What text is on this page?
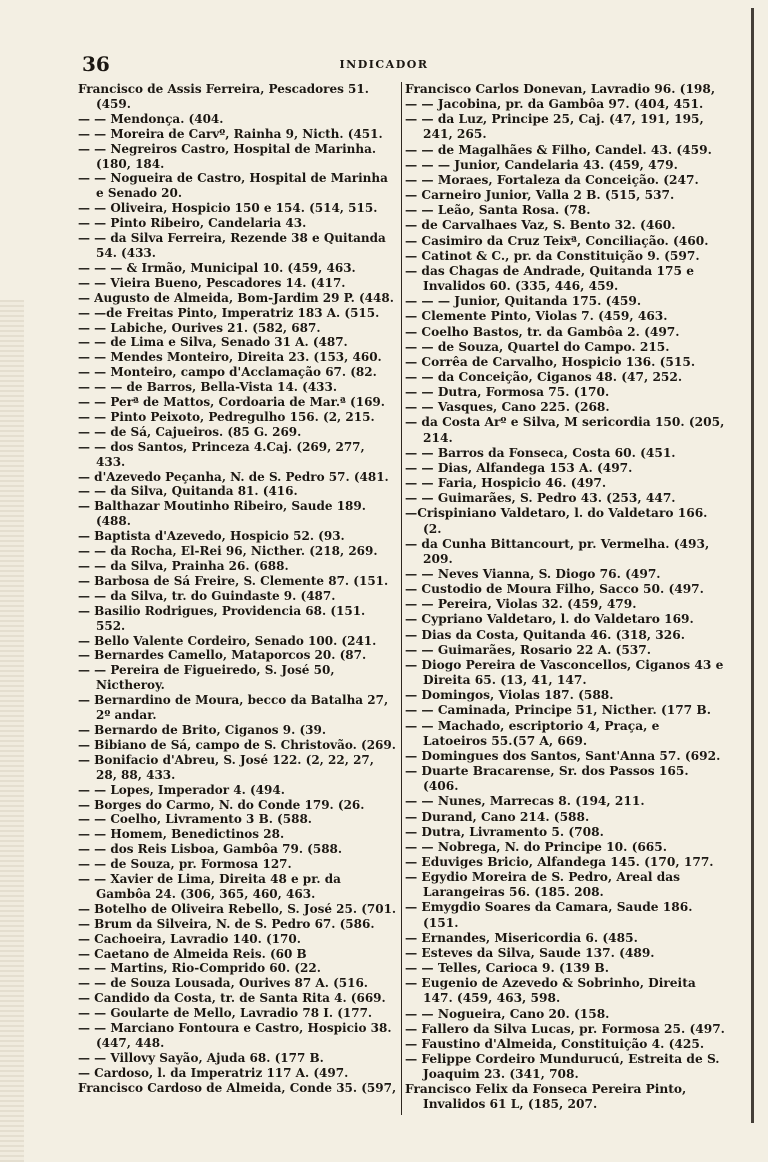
36	INDICADOR

Francisco de Assis Ferreira, Pescadores 51. (459.

— — Mendonça. (404.

— — Moreira de Carvº, Rainha 9, Nicth. (451.

— — Negreiros Castro, Hospital de Marinha. (180, 184.

— — Nogueira de Castro, Hospital de Marinha e Senado 20.

— — Oliveira, Hospicio 150 e 154. (514, 515.

— — Pinto Ribeiro, Candelaria 43.

— — da Silva Ferreira, Rezende 38 e Quitanda 54. (433.

— — — & Irmão, Municipal 10. (459, 463.

— — Vieira Bueno, Pescadores 14. (417.

— Augusto de Almeida, Bom-Jardim 29 P. (448.

— —de Freitas Pinto, Imperatriz 183 A. (515.

— — Labiche, Ourives 21. (582, 687.

— — de Lima e Silva, Senado 31 A. (487.

— — Mendes Monteiro, Direita 23. (153, 460.

— — Monteiro, campo d'Acclamação 67. (82.

— — — de Barros, Bella-Vista 14. (433.

— — Perª de Mattos, Cordoaria de Mar.ª (169.

— — Pinto Peixoto, Pedregulho 156. (2, 215.

— — de Sá, Cajueiros. (85 G. 269.

— — dos Santos, Princeza 4.Caj. (269, 277, 433.

— d'Azevedo Peçanha, N. de S. Pedro 57. (481.

— — da Silva, Quitanda 81. (416.

— Balthazar Moutinho Ribeiro, Saude 189. (488.

— Baptista d'Azevedo, Hospicio 52. (93.

— — da Rocha, El-Rei 96, Nicther. (218, 269.

— — da Silva, Prainha 26. (688.

— Barbosa de Sá Freire, S. Clemente 87. (151.

— — da Silva, tr. do Guindaste 9. (487.

— Basilio Rodrigues, Providencia 68. (151. 552.

— Bello Valente Cordeiro, Senado 100. (241.

— Bernardes Camello, Mataporcos 20. (87.

— — Pereira de Figueiredo, S. José 50, Nictheroy.

— Bernardino de Moura, becco da Batalha 27, 2º andar.

— Bernardo de Brito, Ciganos 9. (39.

— Bibiano de Sá, campo de S. Christovão. (269.

— Bonifacio d'Abreu, S. José 122. (2, 22, 27, 28, 88, 433.

— — Lopes, Imperador 4. (494.

— Borges do Carmo, N. do Conde 179. (26.

— — Coelho, Livramento 3 B. (588.

— — Homem, Benedictinos 28.

— — dos Reis Lisboa, Gambôa 79. (588.

— — de Souza, pr. Formosa 127.

— — Xavier de Lima, Direita 48 e pr. da Gambôa 24. (306, 365, 460, 463.

— Botelho de Oliveira Rebello, S. José 25. (701.

— Brum da Silveira, N. de S. Pedro 67. (586.

— Cachoeira, Lavradio 140. (170.

— Caetano de Almeida Reis. (60 B

— — Martins, Rio-Comprido 60. (22.

— — de Souza Lousada, Ourives 87 A. (516.

— Candido da Costa, tr. de Santa Rita 4. (669.

— — Goularte de Mello, Lavradio 78 I. (177.

— — Marciano Fontoura e Castro, Hospicio 38. (447, 448.

— — Villovy Sayão, Ajuda 68. (177 B.

— Cardoso, l. da Imperatriz 117 A. (497.

Francisco Cardoso de Almeida, Conde 35. (597,

Francisco Carlos Donevan, Lavradio 96. (198,

— — Jacobina, pr. da Gambôa 97. (404, 451.

— — da Luz, Principe 25, Caj. (47, 191, 195, 241, 265.

— — de Magalhães & Filho, Candel. 43. (459.

— — — Junior, Candelaria 43. (459, 479.

— — Moraes, Fortaleza da Conceição. (247.

— Carneiro Junior, Valla 2 B. (515, 537.

— — Leão, Santa Rosa. (78.

— de Carvalhaes Vaz, S. Bento 32. (460.

— Casimiro da Cruz Teixª, Conciliação. (460.

— Catinot & C., pr. da Constituição 9. (597.

— das Chagas de Andrade, Quitanda 175 e Invalidos 60. (335, 446, 459.

— — — Junior, Quitanda 175. (459.

— Clemente Pinto, Violas 7. (459, 463.

— Coelho Bastos, tr. da Gambôa 2. (497.

— — de Souza, Quartel do Campo. 215.

— Corrêa de Carvalho, Hospicio 136. (515.

— — da Conceição, Ciganos 48. (47, 252.

— — Dutra, Formosa 75. (170.

— — Vasques, Cano 225. (268.

— da Costa Arº e Silva, M sericordia 150. (205, 214.

— — Barros da Fonseca, Costa 60. (451.

— — Dias, Alfandega 153 A. (497.

— — Faria, Hospicio 46. (497.

— — Guimarães, S. Pedro 43. (253, 447.

—Crispiniano Valdetaro, l. do Valdetaro 166.(2.

— da Cunha Bittancourt, pr. Vermelha. (493, 209.

— — Neves Vianna, S. Diogo 76. (497.

— Custodio de Moura Filho, Sacco 50. (497.

— — Pereira, Violas 32. (459, 479.

— Cypriano Valdetaro, l. do Valdetaro 169.

— Dias da Costa, Quitanda 46. (318, 326.

— — Guimarães, Rosario 22 A. (537.

— Diogo Pereira de Vasconcellos, Ciganos 43 e Direita 65. (13, 41, 147.

— Domingos, Violas 187. (588.

— — Caminada, Principe 51, Nicther. (177 B.

— — Machado, escriptorio 4, Praça, e Latoeiros 55.(57 A, 669.

— Domingues dos Santos, Sant'Anna 57. (692.

— Duarte Bracarense, Sr. dos Passos 165. (406.

— — Nunes, Marrecas 8. (194, 211.

— Durand, Cano 214. (588.

— Dutra, Livramento 5. (708.

— — Nobrega, N. do Principe 10. (665.

— Eduviges Bricio, Alfandega 145. (170, 177.

— Egydio Moreira de S. Pedro, Areal das Larangeiras 56. (185. 208.

— Emygdio Soares da Camara, Saude 186. (151.

— Ernandes, Misericordia 6. (485.

— Esteves da Silva, Saude 137. (489.

— — Telles, Carioca 9. (139 B.

— Eugenio de Azevedo & Sobrinho, Direita 147. (459, 463, 598.

— — Nogueira, Cano 20. (158.

— Fallero da Silva Lucas, pr. Formosa 25. (497.

— Faustino d'Almeida, Constituição 4. (425.

— Felippe Cordeiro Mundurucú, Estreita de S. Joaquim 23. (341, 708.

Francisco Felix da Fonseca Pereira Pinto, Invalidos 61 L, (185, 207.
